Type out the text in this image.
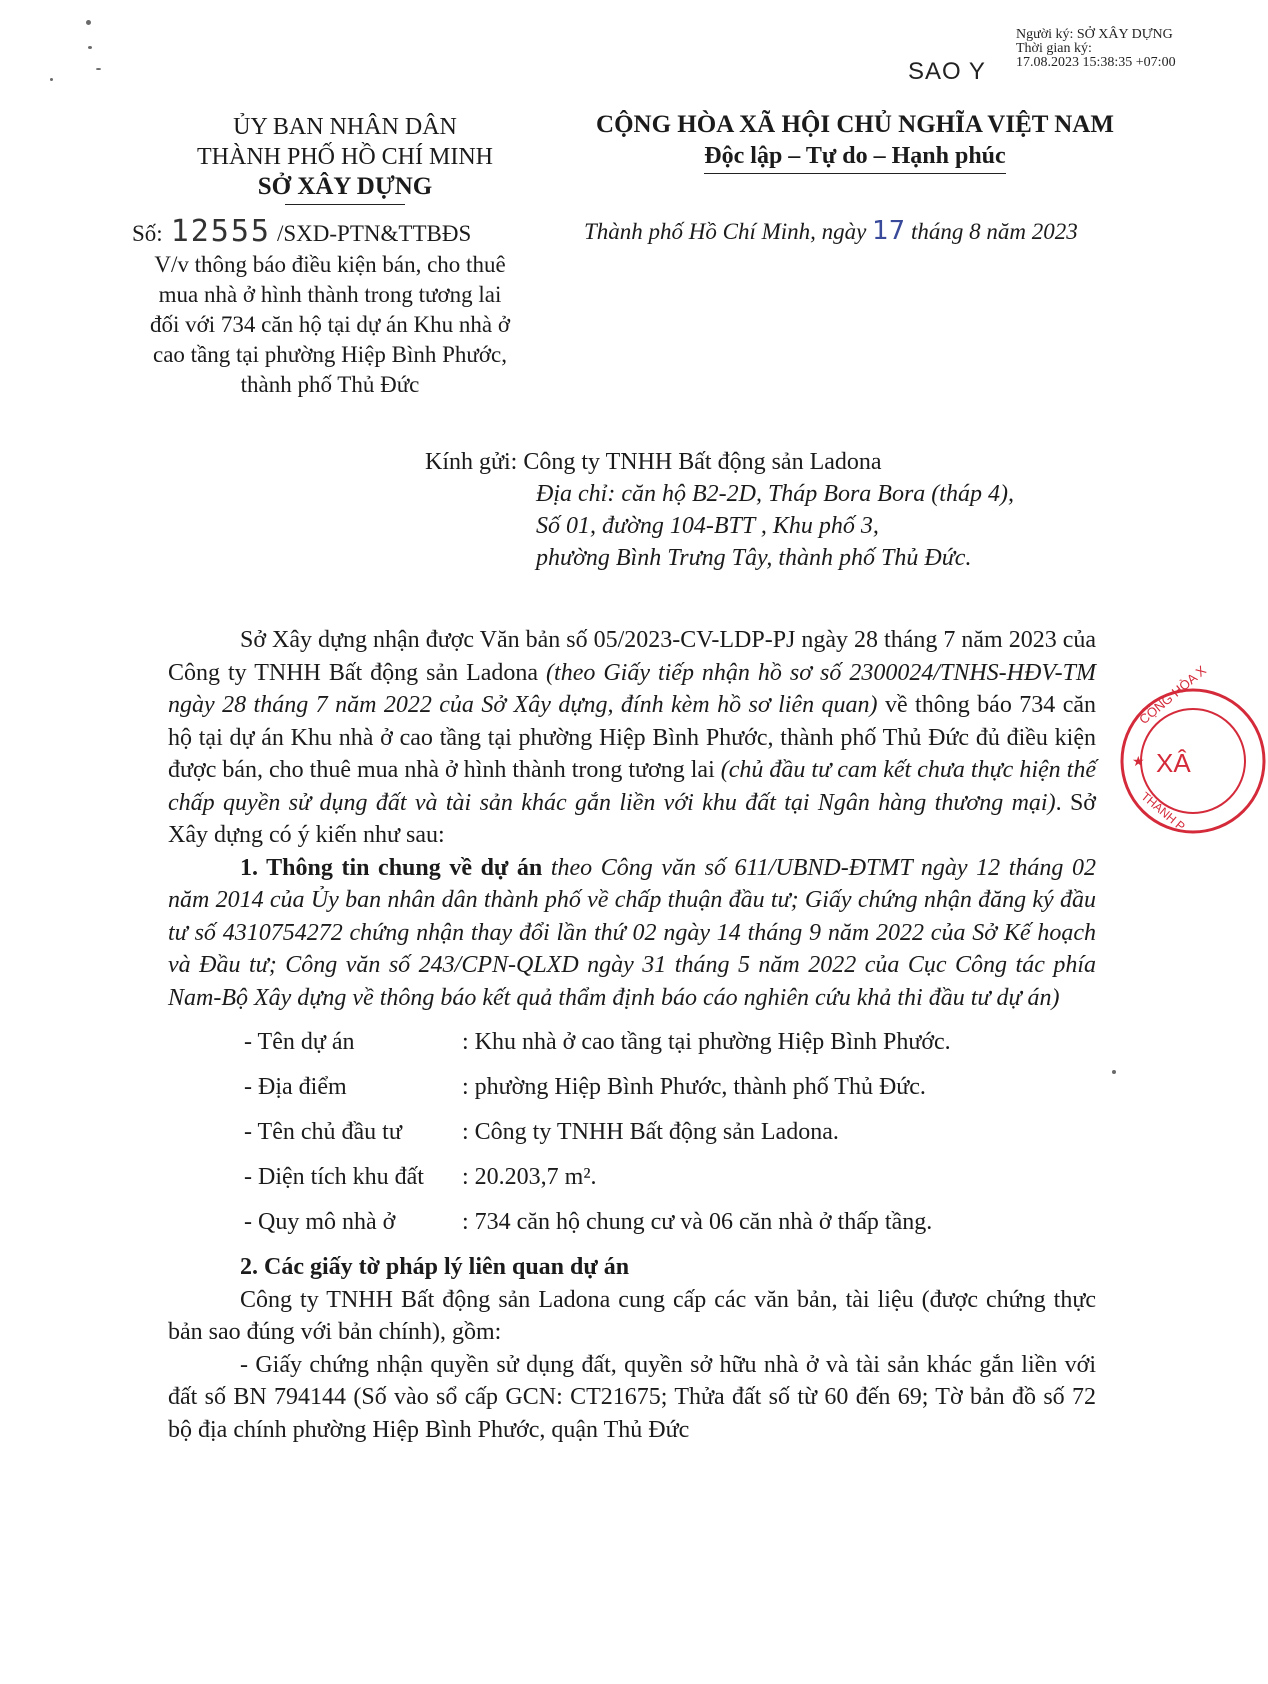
Người ký: SỞ XÂY DỰNG
Thời gian ký:
17.08.2023 15:38:35 +07:00
SAO Y
ỦY BAN NHÂN DÂN
THÀNH PHỐ HỒ CHÍ MINH
SỞ XÂY DỰNG
CỘNG HÒA XÃ HỘI CHỦ NGHĨA VIỆT NAM
Độc lập – Tự do – Hạnh phúc
Số: 12555 /SXD-PTN&TTBĐS	Thành phố Hồ Chí Minh, ngày 17 tháng 8 năm 2023
V/v thông báo điều kiện bán, cho thuê
mua nhà ở hình thành trong tương lai
đối với 734 căn hộ tại dự án Khu nhà ở
cao tầng tại phường Hiệp Bình Phước,
thành phố Thủ Đức
Kính gửi: Công ty TNHH Bất động sản Ladona
Địa chỉ: căn hộ B2-2D, Tháp Bora Bora (tháp 4),
Số 01, đường 104-BTT , Khu phố 3,
phường Bình Trưng Tây, thành phố Thủ Đức.

Sở Xây dựng nhận được Văn bản số 05/2023-CV-LDP-PJ ngày 28 tháng 7 năm 2023 của Công ty TNHH Bất động sản Ladona (theo Giấy tiếp nhận hồ sơ số 2300024/TNHS-HĐV-TM ngày 28 tháng 7 năm 2022 của Sở Xây dựng, đính kèm hồ sơ liên quan) về thông báo 734 căn hộ tại dự án Khu nhà ở cao tầng tại phường Hiệp Bình Phước, thành phố Thủ Đức đủ điều kiện được bán, cho thuê mua nhà ở hình thành trong tương lai (chủ đầu tư cam kết chưa thực hiện thế chấp quyền sử dụng đất và tài sản khác gắn liền với khu đất tại Ngân hàng thương mại). Sở Xây dựng có ý kiến như sau:

1. Thông tin chung về dự án theo Công văn số 611/UBND-ĐTMT ngày 12 tháng 02 năm 2014 của Ủy ban nhân dân thành phố về chấp thuận đầu tư; Giấy chứng nhận đăng ký đầu tư số 4310754272 chứng nhận thay đổi lần thứ 02 ngày 14 tháng 9 năm 2022 của Sở Kế hoạch và Đầu tư; Công văn số 243/CPN-QLXD ngày 31 tháng 5 năm 2022 của Cục Công tác phía Nam-Bộ Xây dựng về thông báo kết quả thẩm định báo cáo nghiên cứu khả thi đầu tư dự án)

- Tên dự án	: Khu nhà ở cao tầng tại phường Hiệp Bình Phước.
- Địa điểm	: phường Hiệp Bình Phước, thành phố Thủ Đức.
- Tên chủ đầu tư	: Công ty TNHH Bất động sản Ladona.
- Diện tích khu đất	: 20.203,7 m².
- Quy mô nhà ở	: 734 căn hộ chung cư và 06 căn nhà ở thấp tầng.

2. Các giấy tờ pháp lý liên quan dự án

Công ty TNHH Bất động sản Ladona cung cấp các văn bản, tài liệu (được chứng thực bản sao đúng với bản chính), gồm:

- Giấy chứng nhận quyền sử dụng đất, quyền sở hữu nhà ở và tài sản khác gắn liền với đất số BN 794144 (Số vào sổ cấp GCN: CT21675; Thửa đất số từ 60 đến 69; Tờ bản đồ số 72 bộ địa chính phường Hiệp Bình Phước, quận Thủ Đức

CỘNG HÒA X
XÂ
THÀNH P
★
